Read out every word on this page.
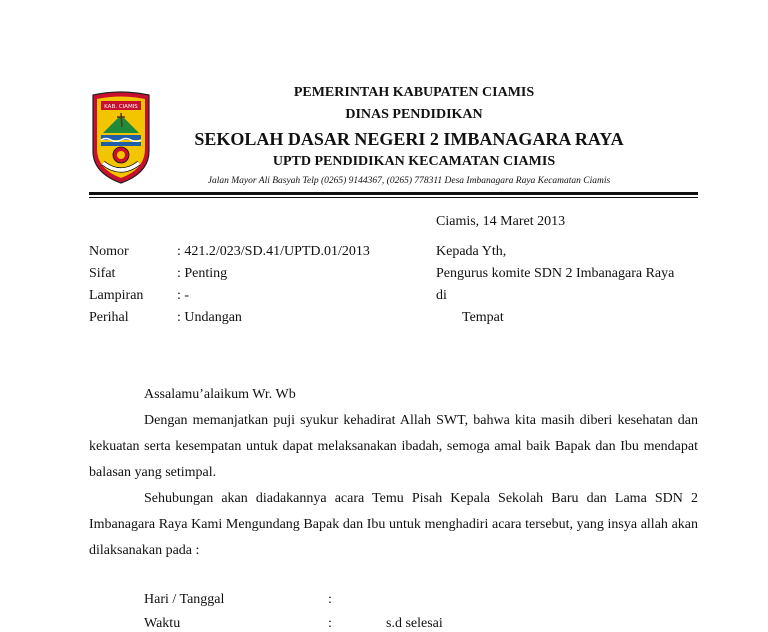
KAB. CIAMIS
PEMERINTAH KABUPATEN CIAMIS
DINAS PENDIDIKAN
SEKOLAH DASAR NEGERI 2 IMBANAGARA RAYA
UPTD PENDIDIKAN KECAMATAN CIAMIS
Jalan Mayor Ali Basyah Telp (0265) 9144367, (0265) 778311 Desa Imbanagara Raya Kecamatan Ciamis
Ciamis, 14 Maret 2013
Nomor	: 421.2/023/SD.41/UPTD.01/2013
Sifat	: Penting
Lampiran : -
Perihal	: Undangan
Kepada Yth,
Pengurus komite SDN 2 Imbanagara Raya
di
Tempat
Assalamu’alaikum Wr. Wb
Dengan memanjatkan puji syukur kehadirat Allah SWT, bahwa kita masih diberi kesehatan dan kekuatan serta kesempatan untuk dapat melaksanakan ibadah, semoga amal baik Bapak dan Ibu mendapat balasan yang setimpal.
Sehubungan akan diadakannya acara Temu Pisah Kepala Sekolah Baru dan Lama SDN 2 Imbanagara Raya Kami Mengundang Bapak dan Ibu untuk menghadiri acara tersebut, yang insya allah akan dilaksanakan pada :
Hari / Tanggal	:
Waktu	:	s.d selesai
